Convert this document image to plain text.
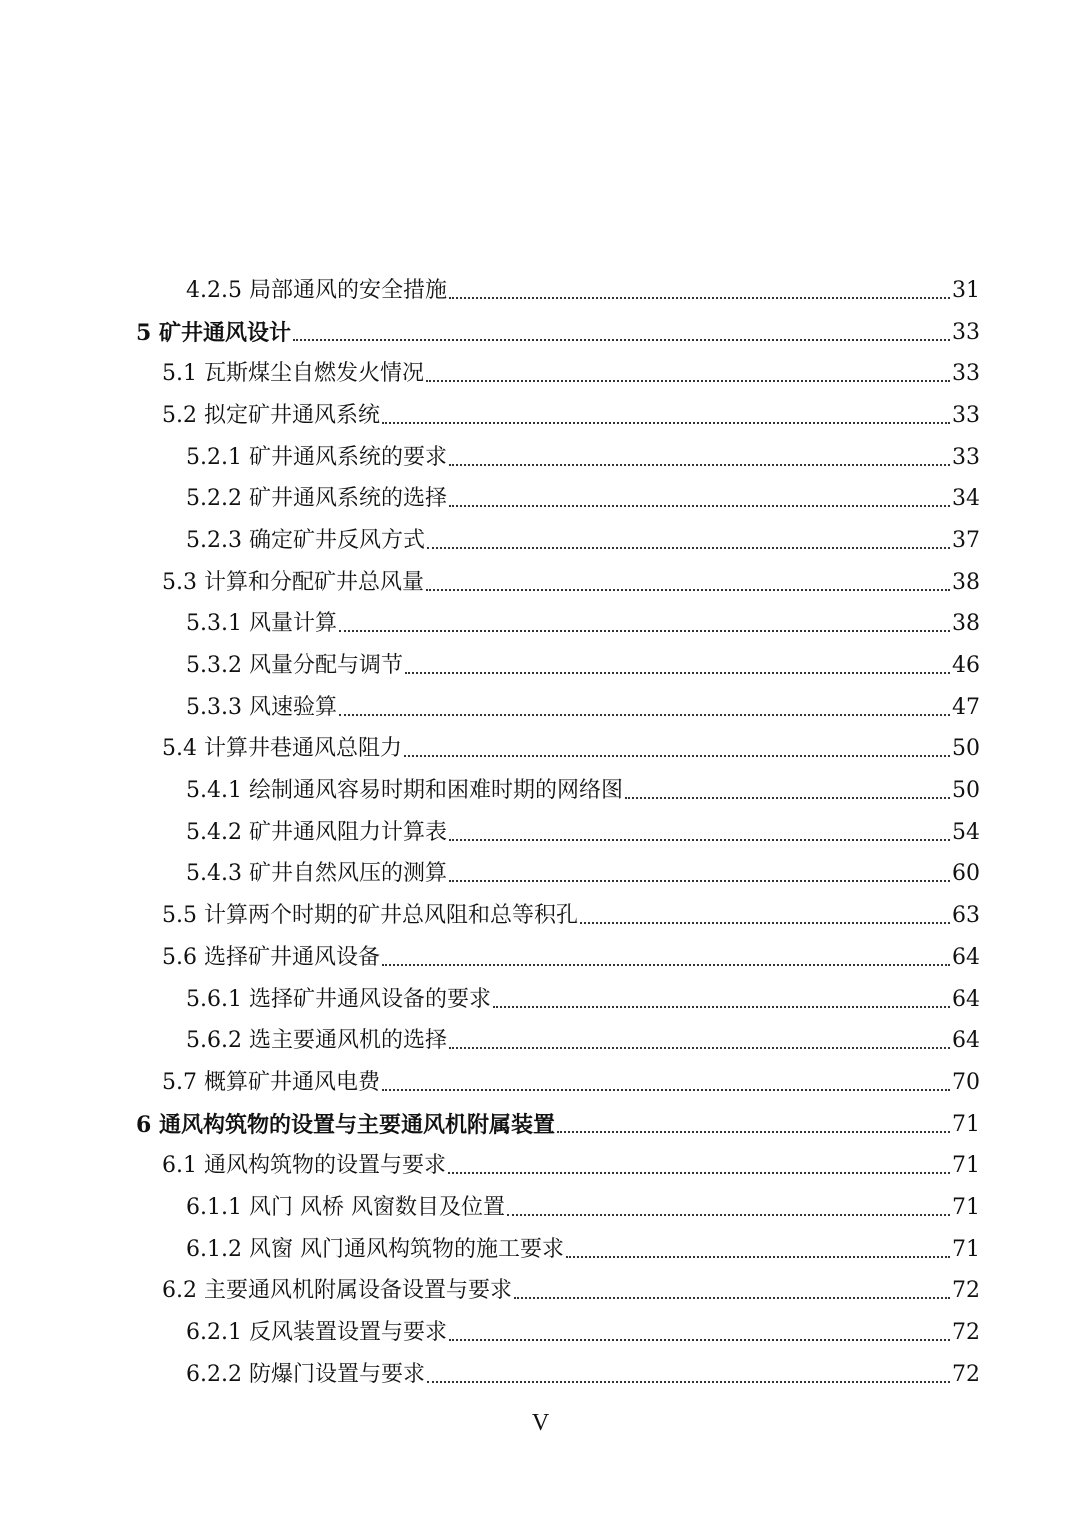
4.2.5 局部通风的安全措施	31
5 矿井通风设计	33
5.1 瓦斯煤尘自燃发火情况	33
5.2 拟定矿井通风系统	33
5.2.1 矿井通风系统的要求	33
5.2.2 矿井通风系统的选择	34
5.2.3 确定矿井反风方式	37
5.3 计算和分配矿井总风量	38
5.3.1 风量计算	38
5.3.2 风量分配与调节	46
5.3.3 风速验算	47
5.4 计算井巷通风总阻力	50
5.4.1 绘制通风容易时期和困难时期的网络图	50
5.4.2 矿井通风阻力计算表	54
5.4.3 矿井自然风压的测算	60
5.5 计算两个时期的矿井总风阻和总等积孔	63
5.6 选择矿井通风设备	64
5.6.1 选择矿井通风设备的要求	64
5.6.2 选主要通风机的选择	64
5.7 概算矿井通风电费	70
6 通风构筑物的设置与主要通风机附属装置	71
6.1 通风构筑物的设置与要求	71
6.1.1 风门 风桥 风窗数目及位置	71
6.1.2 风窗 风门通风构筑物的施工要求	71
6.2 主要通风机附属设备设置与要求	72
6.2.1 反风装置设置与要求	72
6.2.2 防爆门设置与要求	72
V
